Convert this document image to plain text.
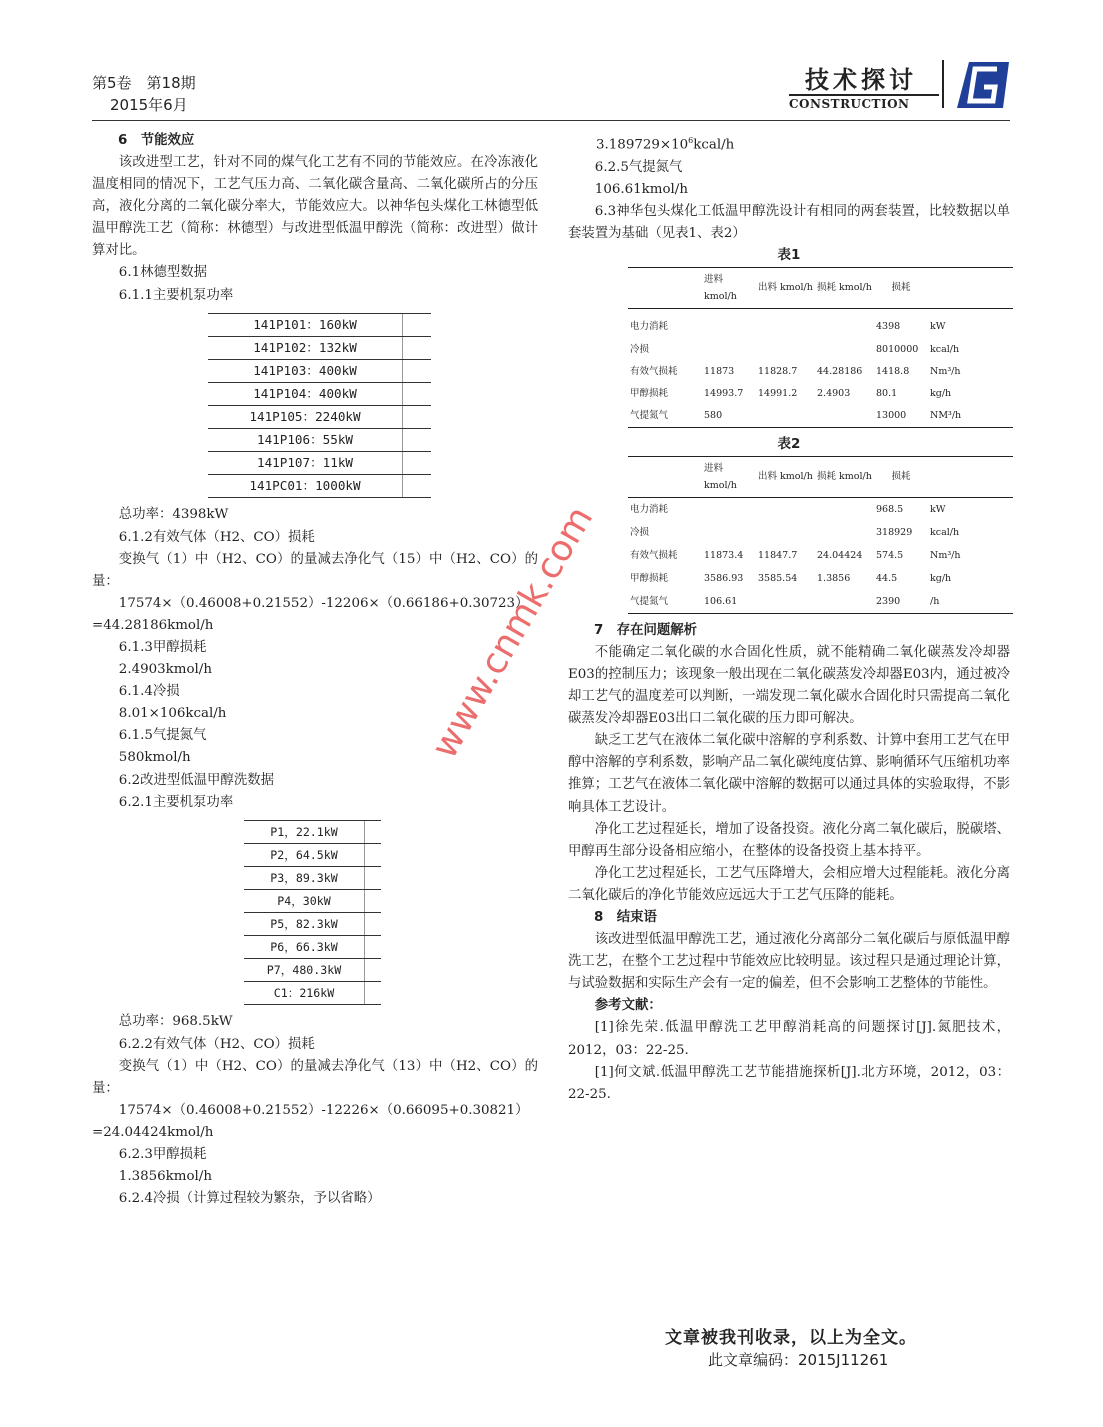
第5卷　第18期
2015年6月
技术探讨
CONSTRUCTION
6　节能效应

该改进型工艺，针对不同的煤气化工艺有不同的节能效应。在冷冻液化温度相同的情况下，工艺气压力高、二氧化碳含量高、二氧化碳所占的分压高，液化分离的二氧化碳分率大，节能效应大。以神华包头煤化工林德型低温甲醇洗工艺（简称：林德型）与改进型低温甲醇洗（简称：改进型）做计算对比。

6.1林德型数据

6.1.1主要机泵功率

141P101：160kW	
141P102：132kW	
141P103：400kW	
141P104：400kW	
141P105：2240kW	
141P106：55kW	
141P107：11kW	
141PC01：1000kW	

总功率：4398kW

6.1.2有效气体（H2、CO）损耗

变换气（1）中（H2、CO）的量减去净化气（15）中（H2、CO）的量：

17574×（0.46008+0.21552）-12206×（0.66186+0.30723）

=44.28186kmol/h

6.1.3甲醇损耗

2.4903kmol/h

6.1.4冷损

8.01×106kcal/h

6.1.5气提氮气

580kmol/h

6.2改进型低温甲醇洗数据

6.2.1主要机泵功率

P1，22.1kW	
P2，64.5kW	
P3，89.3kW	
P4，30kW	
P5，82.3kW	
P6，66.3kW	
P7，480.3kW	
C1：216kW	

总功率：968.5kW

6.2.2有效气体（H2、CO）损耗

变换气（1）中（H2、CO）的量减去净化气（13）中（H2、CO）的量：

17574×（0.46008+0.21552）-12226×（0.66095+0.30821）

=24.04424kmol/h

6.2.3甲醇损耗

1.3856kmol/h

6.2.4冷损（计算过程较为繁杂，予以省略）

$3.189729\times 10^6kcal/h$

6.2.5气提氮气

106.61kmol/h

6.3神华包头煤化工低温甲醇洗设计有相同的两套装置，比较数据以单套装置为基础（见表1、表2）

表1
	进料 kmol/h	出料 kmol/h	损耗 kmol/h	损耗	

电力消耗				4398	kW
冷损				8010000	kcal/h
有效气损耗	11873	11828.7	44.28186	1418.8	Nm³/h
甲醇损耗	14993.7	14991.2	2.4903	80.1	kg/h
气提氮气	580			13000	NM³/h
表2
	进料 kmol/h	出料 kmol/h	损耗 kmol/h	损耗	
电力消耗				968.5	kW
冷损				318929	kcal/h
有效气损耗	11873.4	11847.7	24.04424	574.5	Nm³/h
甲醇损耗	3586.93	3585.54	1.3856	44.5	kg/h
气提氮气	106.61			2390	/h
7　存在问题解析

不能确定二氧化碳的水合固化性质，就不能精确二氧化碳蒸发冷却器E03的控制压力；该现象一般出现在二氧化碳蒸发冷却器E03内，通过被冷却工艺气的温度差可以判断，一端发现二氧化碳水合固化时只需提高二氧化碳蒸发冷却器E03出口二氧化碳的压力即可解决。

缺乏工艺气在液体二氧化碳中溶解的亨利系数、计算中套用工艺气在甲醇中溶解的亨利系数，影响产品二氧化碳纯度估算、影响循环气压缩机功率推算；工艺气在液体二氧化碳中溶解的数据可以通过具体的实验取得，不影响具体工艺设计。

净化工艺过程延长，增加了设备投资。液化分离二氧化碳后，脱碳塔、甲醇再生部分设备相应缩小，在整体的设备投资上基本持平。

净化工艺过程延长，工艺气压降增大，会相应增大过程能耗。液化分离二氧化碳后的净化节能效应远远大于工艺气压降的能耗。

8　结束语

该改进型低温甲醇洗工艺，通过液化分离部分二氧化碳后与原低温甲醇洗工艺，在整个工艺过程中节能效应比较明显。该过程只是通过理论计算，与试验数据和实际生产会有一定的偏差，但不会影响工艺整体的节能性。

参考文献：

[1]徐先荣.低温甲醇洗工艺甲醇消耗高的问题探讨[J].氮肥技术，2012，03：22-25.

[1]何文斌.低温甲醇洗工艺节能措施探析[J].北方环境，2012，03：22-25.

文章被我刊收录，以上为全文。
此文章编码：2015J11261
www.cnmk.com
